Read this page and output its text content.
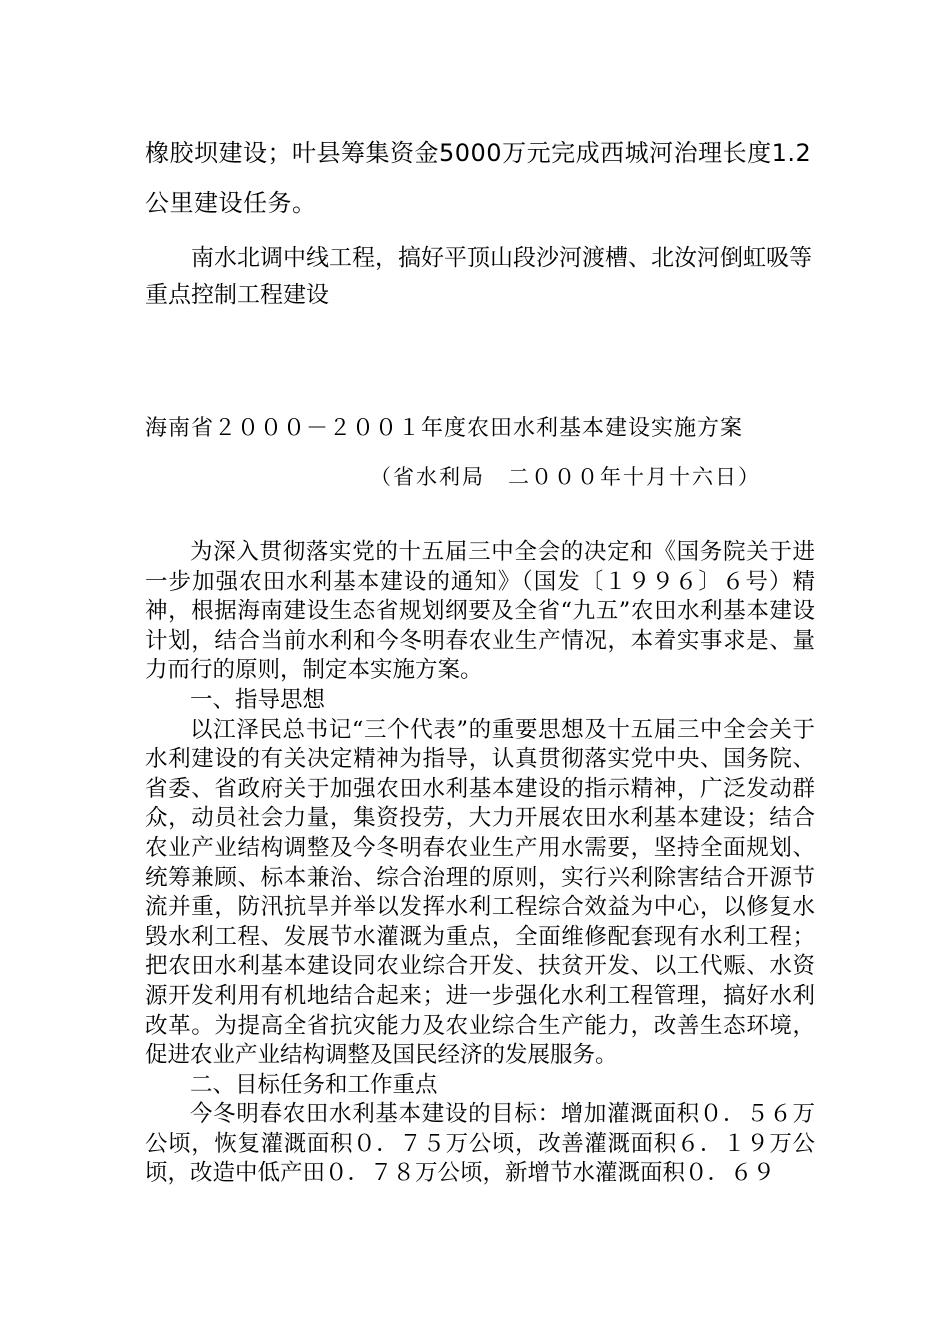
橡胶坝建设；叶县筹集资金5000万元完成西城河治理长度1.2公里建设任务。
南水北调中线工程，搞好平顶山段沙河渡槽、北汝河倒虹吸等重点控制工程建设
海南省２０００－２００１年度农田水利基本建设实施方案
（省水利局　二０００年十月十六日）

为深入贯彻落实党的十五届三中全会的决定和《国务院关于进一步加强农田水利基本建设的通知》（国发〔１９９６〕６号）精神，根据海南建设生态省规划纲要及全省“九五”农田水利基本建设计划，结合当前水利和今冬明春农业生产情况，本着实事求是、量力而行的原则，制定本实施方案。

一、指导思想

以江泽民总书记“三个代表”的重要思想及十五届三中全会关于水利建设的有关决定精神为指导，认真贯彻落实党中央、国务院、省委、省政府关于加强农田水利基本建设的指示精神，广泛发动群众，动员社会力量，集资投劳，大力开展农田水利基本建设；结合农业产业结构调整及今冬明春农业生产用水需要，坚持全面规划、统筹兼顾、标本兼治、综合治理的原则，实行兴利除害结合开源节流并重，防汛抗旱并举以发挥水利工程综合效益为中心，以修复水毁水利工程、发展节水灌溉为重点，全面维修配套现有水利工程；把农田水利基本建设同农业综合开发、扶贫开发、以工代赈、水资源开发利用有机地结合起来；进一步强化水利工程管理，搞好水利改革。为提高全省抗灾能力及农业综合生产能力，改善生态环境，促进农业产业结构调整及国民经济的发展服务。

二、目标任务和工作重点

今冬明春农田水利基本建设的目标：增加灌溉面积０．５６万公顷，恢复灌溉面积０．７５万公顷，改善灌溉面积６．１９万公顷，改造中低产田０．７８万公顷，新增节水灌溉面积０．６９
